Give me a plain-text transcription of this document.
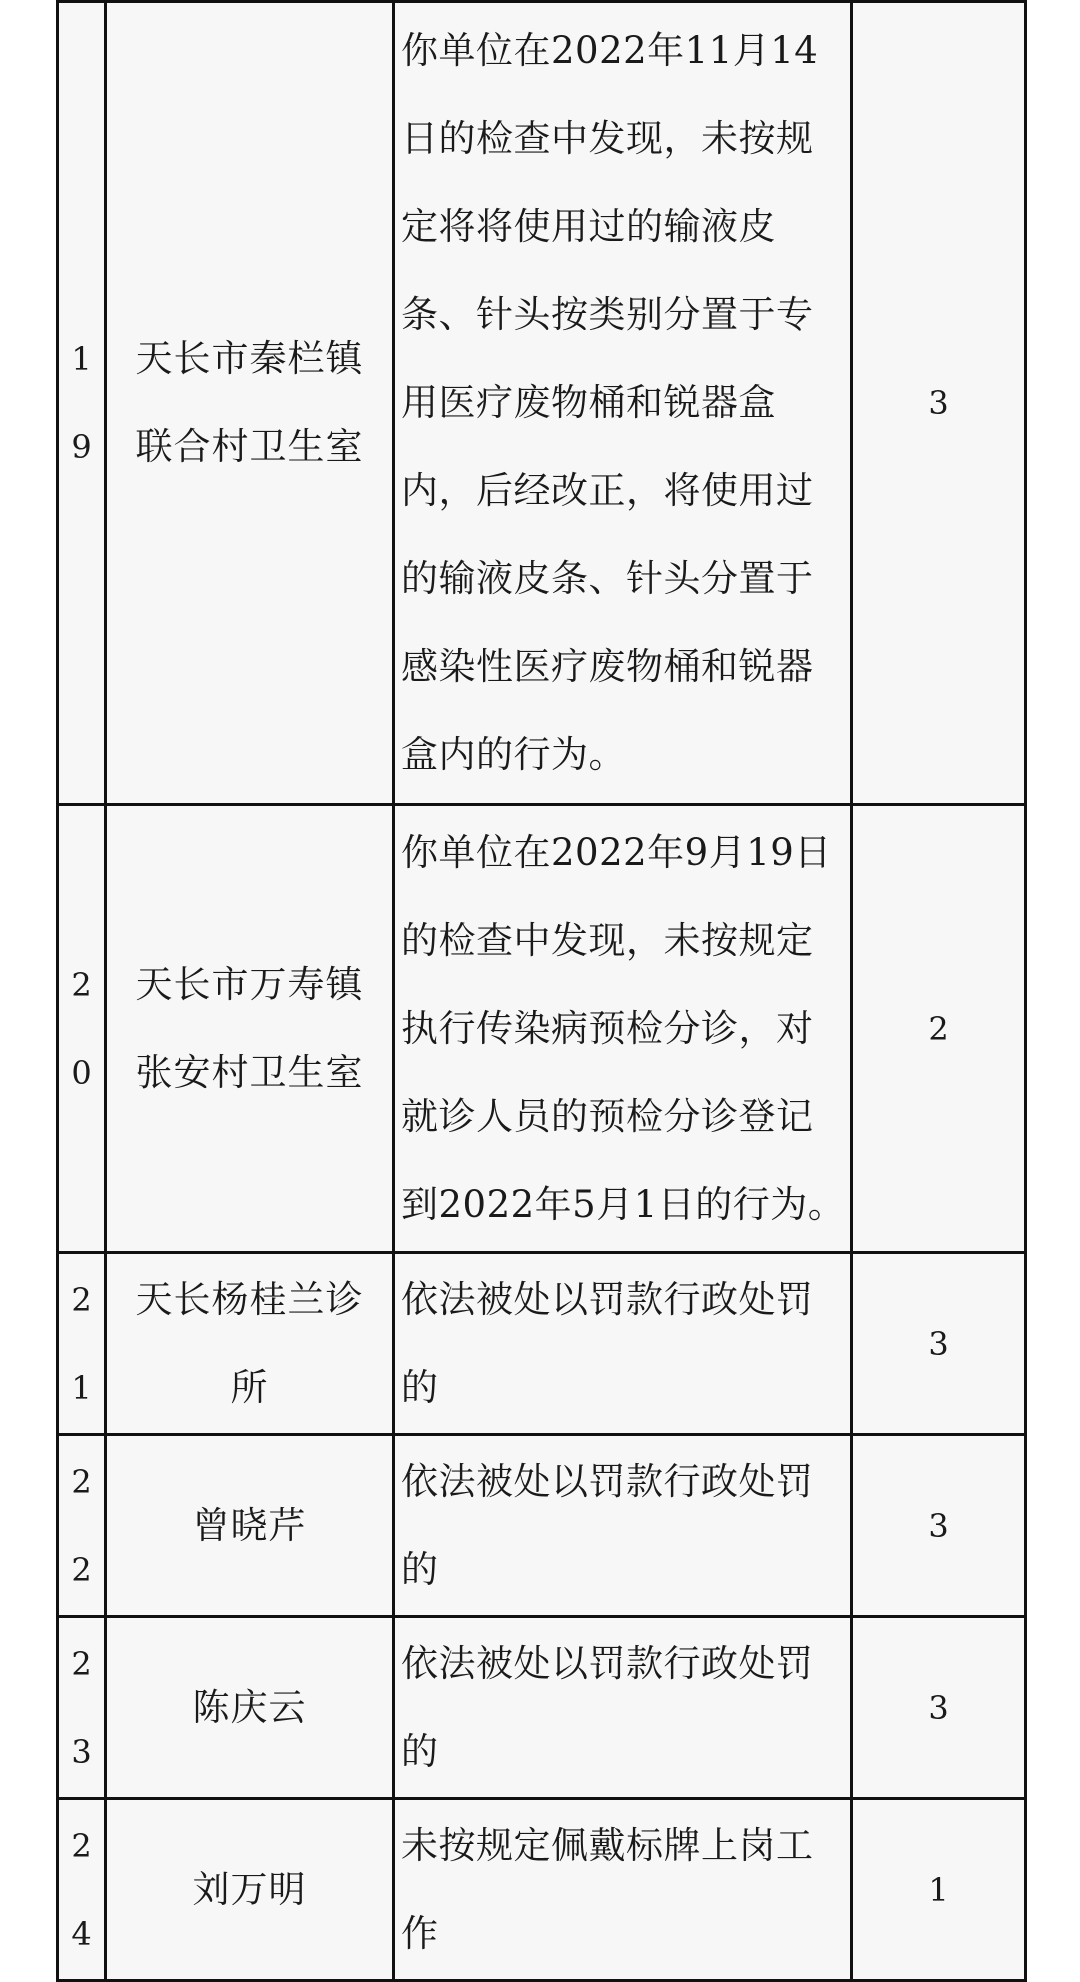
19	天长市秦栏镇联合村卫生室	你单位在2022年11月14日的检查中发现，未按规定将将使用过的输液皮条、针头按类别分置于专用医疗废物桶和锐器盒内，后经改正，将使用过的输液皮条、针头分置于感染性医疗废物桶和锐器盒内的行为。	3

20	天长市万寿镇张安村卫生室	你单位在2022年9月19日的检查中发现，未按规定执行传染病预检分诊，对就诊人员的预检分诊登记到2022年5月1日的行为。	2

21	天长杨桂兰诊所	依法被处以罚款行政处罚的	3

22	曾晓芹	依法被处以罚款行政处罚的	3

23	陈庆云	依法被处以罚款行政处罚的	3

24	刘万明	未按规定佩戴标牌上岗工作	1
